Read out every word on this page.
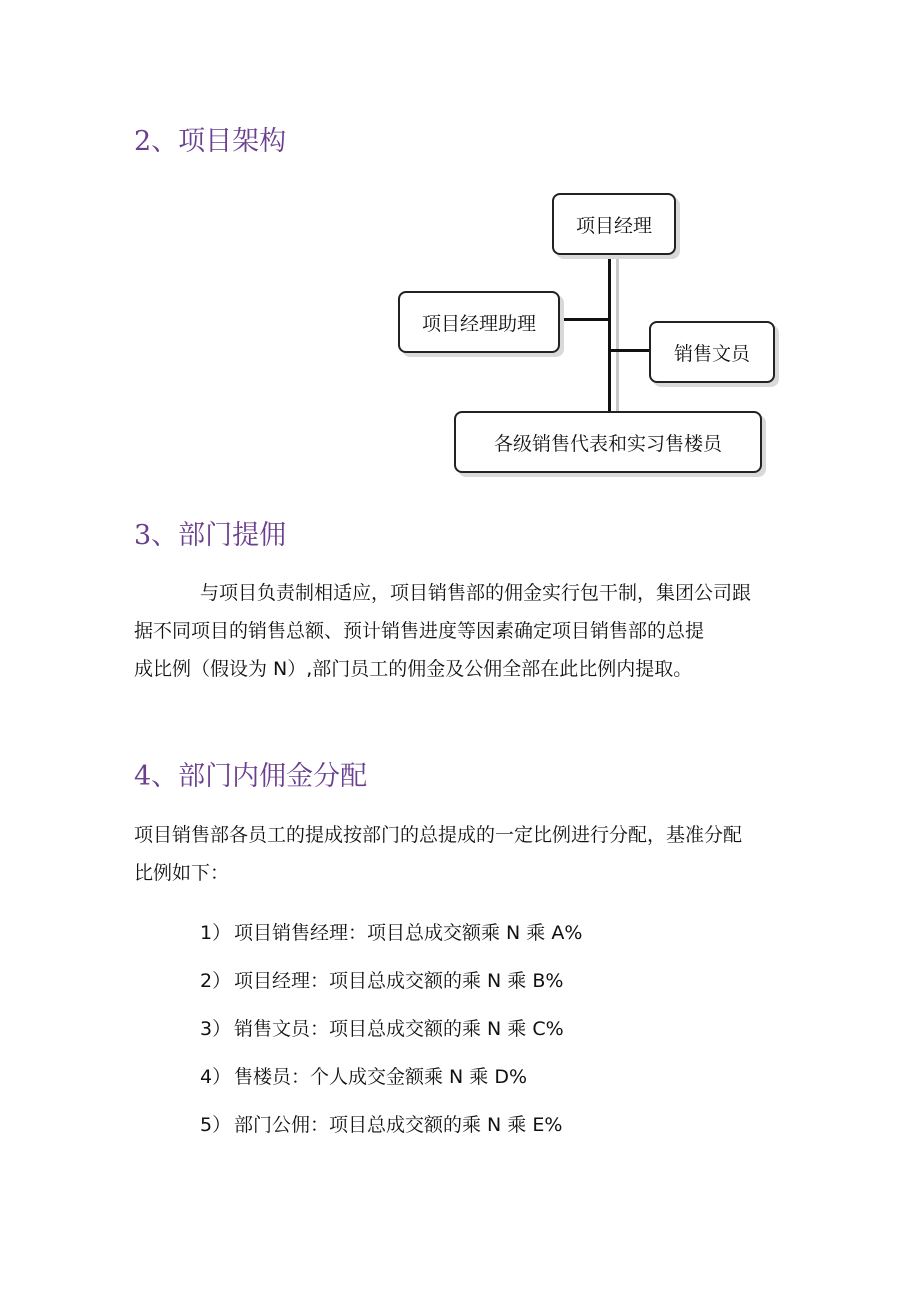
2、项目架构
项目经理
项目经理助理
销售文员
各级销售代表和实习售楼员
3、部门提佣
与项目负责制相适应，项目销售部的佣金实行包干制，集团公司跟
据不同项目的销售总额、预计销售进度等因素确定项目销售部的总提
成比例（假设为 N）,部门员工的佣金及公佣全部在此比例内提取。
4、部门内佣金分配
项目销售部各员工的提成按部门的总提成的一定比例进行分配，基准分配
比例如下：
1） 项目销售经理：项目总成交额乘 N 乘 A%
2） 项目经理：项目总成交额的乘 N 乘 B%
3） 销售文员：项目总成交额的乘 N 乘 C%
4） 售楼员：个人成交金额乘 N 乘 D%
5） 部门公佣：项目总成交额的乘 N 乘 E%
